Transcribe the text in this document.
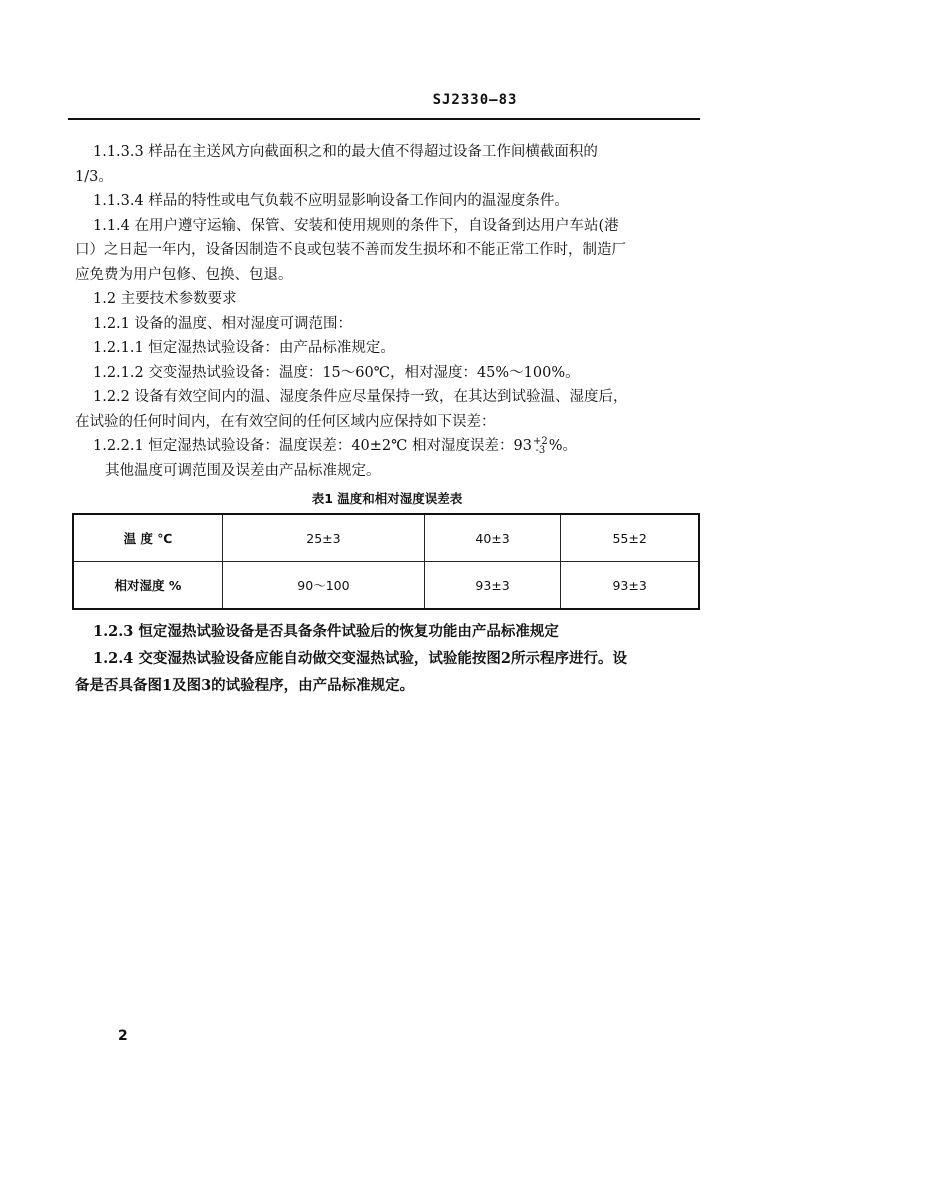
SJ2330—83

1.1.3.3 样品在主送风方向截面积之和的最大值不得超过设备工作间横截面积的

1/3。

1.1.3.4 样品的特性或电气负载不应明显影响设备工作间内的温湿度条件。

1.1.4 在用户遵守运输、保管、安装和使用规则的条件下，自设备到达用户车站(港

口）之日起一年内，设备因制造不良或包装不善而发生损坏和不能正常工作时，制造厂

应免费为用户包修、包换、包退。

1.2 主要技术参数要求

1.2.1 设备的温度、相对湿度可调范围：

1.2.1.1 恒定湿热试验设备：由产品标准规定。

1.2.1.2 交变湿热试验设备：温度：15～60℃，相对湿度：45%～100%。

1.2.2 设备有效空间内的温、湿度条件应尽量保持一致，在其达到试验温、湿度后，

在试验的任何时间内，在有效空间的任何区域内应保持如下误差：

1.2.2.1 恒定湿热试验设备：温度误差：40±2℃ 相对湿度误差：93 +2
-3 %。

其他温度可调范围及误差由产品标准规定。

表1 温度和相对湿度误差表
温 度 ℃	25±3	40±3	55±2
相对湿度 %	90～100	93±3	93±3

1.2.3 恒定湿热试验设备是否具备条件试验后的恢复功能由产品标准规定

1.2.4 交变湿热试验设备应能自动做交变湿热试验，试验能按图2所示程序进行。设

备是否具备图1及图3的试验程序，由产品标准规定。

2
